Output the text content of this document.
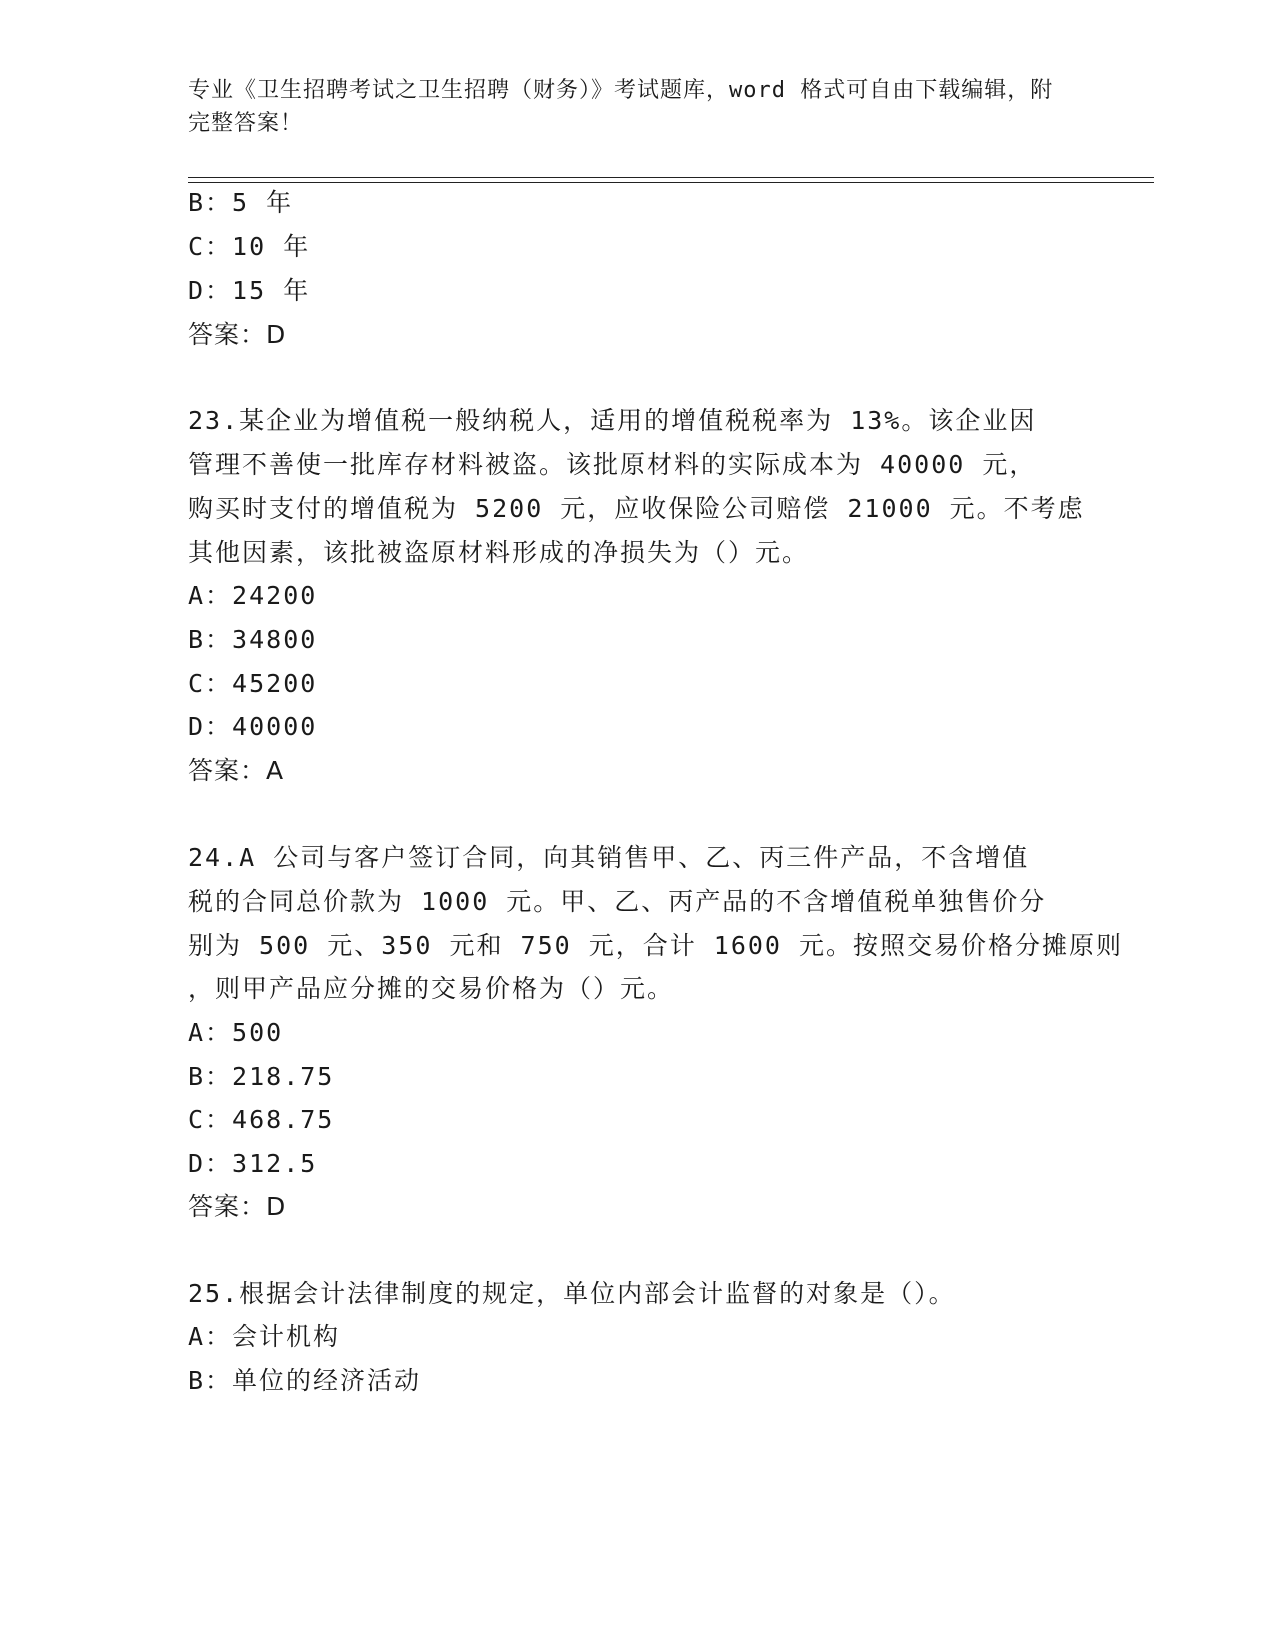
专业《卫生招聘考试之卫生招聘（财务）》考试题库，word 格式可自由下载编辑，附完整答案！
B：5 年
C：10 年
D：15 年
答案：D
23.某企业为增值税一般纳税人，适用的增值税税率为 13%。该企业因
管理不善使一批库存材料被盗。该批原材料的实际成本为 40000 元，
购买时支付的增值税为 5200 元，应收保险公司赔偿 21000 元。不考虑
其他因素，该批被盗原材料形成的净损失为（）元。
A：24200
B：34800
C：45200
D：40000
答案：A
24.A 公司与客户签订合同，向其销售甲、乙、丙三件产品，不含增值
税的合同总价款为 1000 元。甲、乙、丙产品的不含增值税单独售价分
别为 500 元、350 元和 750 元，合计 1600 元。按照交易价格分摊原则
，则甲产品应分摊的交易价格为（）元。
A：500
B：218.75
C：468.75
D：312.5
答案：D
25.根据会计法律制度的规定，单位内部会计监督的对象是（）。
A：会计机构
B：单位的经济活动
